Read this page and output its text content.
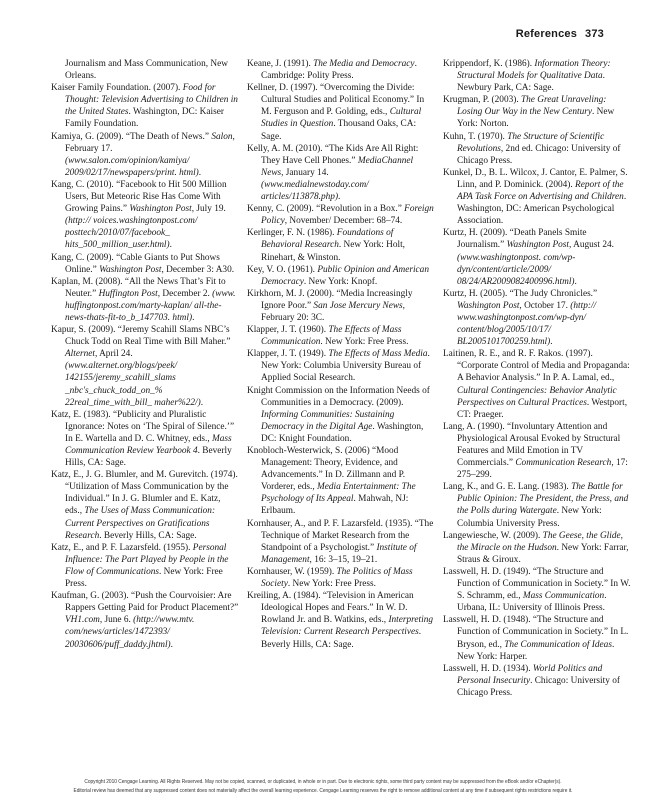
References 373
Journalism and Mass Communication, New Orleans.
Kaiser Family Foundation. (2007). Food for Thought: Television Advertising to Children in the United States. Washington, DC: Kaiser Family Foundation.
Kamiya, G. (2009). “The Death of News.” Salon, February 17. (www.salon.com/opinion/kamiya/ 2009/02/17/newspapers/print. html).
Kang, C. (2010). “Facebook to Hit 500 Million Users, But Meteoric Rise Has Come With Growing Pains.” Washington Post, July 19. (http:// voices.washingtonpost.com/ posttech/2010/07/facebook_ hits_500_million_user.html).
Kang, C. (2009). “Cable Giants to Put Shows Online.” Washington Post, December 3: A30.
Kaplan, M. (2008). “All the News That’s Fit to Neuter.” Huffington Post, December 2. (www. huffingtonpost.com/marty-kaplan/ all-the-news-thats-fit-to_b_147703. html).
Kapur, S. (2009). “Jeremy Scahill Slams NBC’s Chuck Todd on Real Time with Bill Maher.” Alternet, April 24. (www.alternet.org/blogs/peek/ 142155/jeremy_scahill_slams _nbc's_chuck_todd_on_% 22real_time_with_bill_ maher%22/).
Katz, E. (1983). “Publicity and Pluralistic Ignorance: Notes on ‘The Spiral of Silence.’” In E. Wartella and D. C. Whitney, eds., Mass Communication Review Yearbook 4. Beverly Hills, CA: Sage.
Katz, E., J. G. Blumler, and M. Gurevitch. (1974). “Utilization of Mass Communication by the Individual.” In J. G. Blumler and E. Katz, eds., The Uses of Mass Communication: Current Perspectives on Gratifications Research. Beverly Hills, CA: Sage.
Katz, E., and P. F. Lazarsfeld. (1955). Personal Influence: The Part Played by People in the Flow of Communications. New York: Free Press.
Kaufman, G. (2003). “Push the Courvoisier: Are Rappers Getting Paid for Product Placement?” VH1.com, June 6. (http://www.mtv. com/news/articles/1472393/ 20030606/puff_daddy.jhtml).
Keane, J. (1991). The Media and Democracy. Cambridge: Polity Press.
Kellner, D. (1997). “Overcoming the Divide: Cultural Studies and Political Economy.” In M. Ferguson and P. Golding, eds., Cultural Studies in Question. Thousand Oaks, CA: Sage.
Kelly, A. M. (2010). “The Kids Are All Right: They Have Cell Phones.” MediaChannel News, January 14. (www.medialnewstoday.com/ articles/113878.php).
Kenny, C. (2009). “Revolution in a Box.” Foreign Policy, November/ December: 68–74.
Kerlinger, F. N. (1986). Foundations of Behavioral Research. New York: Holt, Rinehart, & Winston.
Key, V. O. (1961). Public Opinion and American Democracy. New York: Knopf.
Kirkhorn, M. J. (2000). “Media Increasingly Ignore Poor.” San Jose Mercury News, February 20: 3C.
Klapper, J. T. (1960). The Effects of Mass Communication. New York: Free Press.
Klapper, J. T. (1949). The Effects of Mass Media. New York: Columbia University Bureau of Applied Social Research.
Knight Commission on the Information Needs of Communities in a Democracy. (2009). Informing Communities: Sustaining Democracy in the Digital Age. Washington, DC: Knight Foundation.
Knobloch-Westerwick, S. (2006) “Mood Management: Theory, Evidence, and Advancements.” In D. Zillmann and P. Vorderer, eds., Media Entertainment: The Psychology of Its Appeal. Mahwah, NJ: Erlbaum.
Kornhauser, A., and P. F. Lazarsfeld. (1935). “The Technique of Market Research from the Standpoint of a Psychologist.” Institute of Management, 16: 3–15, 19–21.
Kornhauser, W. (1959). The Politics of Mass Society. New York: Free Press.
Kreiling, A. (1984). “Television in American Ideological Hopes and Fears.” In W. D. Rowland Jr. and B. Watkins, eds., Interpreting Television: Current Research Perspectives. Beverly Hills, CA: Sage.
Krippendorf, K. (1986). Information Theory: Structural Models for Qualitative Data. Newbury Park, CA: Sage.
Krugman, P. (2003). The Great Unraveling: Losing Our Way in the New Century. New York: Norton.
Kuhn, T. (1970). The Structure of Scientific Revolutions, 2nd ed. Chicago: University of Chicago Press.
Kunkel, D., B. L. Wilcox, J. Cantor, E. Palmer, S. Linn, and P. Dominick. (2004). Report of the APA Task Force on Advertising and Children. Washington, DC: American Psychological Association.
Kurtz, H. (2009). “Death Panels Smite Journalism.” Washington Post, August 24. (www.washingtonpost. com/wp-dyn/content/article/2009/ 08/24/AR2009082400996.html).
Kurtz, H. (2005). “The Judy Chronicles.” Washington Post, October 17. (http:// www.washingtonpost.com/wp-dyn/ content/blog/2005/10/17/ BL2005101700259.html).
Laitinen, R. E., and R. F. Rakos. (1997). “Corporate Control of Media and Propaganda: A Behavior Analysis.” In P. A. Lamal, ed., Cultural Contingencies: Behavior Analytic Perspectives on Cultural Practices. Westport, CT: Praeger.
Lang, A. (1990). “Involuntary Attention and Physiological Arousal Evoked by Structural Features and Mild Emotion in TV Commercials.” Communication Research, 17: 275–299.
Lang, K., and G. E. Lang. (1983). The Battle for Public Opinion: The President, the Press, and the Polls during Watergate. New York: Columbia University Press.
Langewiesche, W. (2009). The Geese, the Glide, the Miracle on the Hudson. New York: Farrar, Straus & Giroux.
Lasswell, H. D. (1949). “The Structure and Function of Communication in Society.” In W. S. Schramm, ed., Mass Communication. Urbana, IL: University of Illinois Press.
Lasswell, H. D. (1948). “The Structure and Function of Communication in Society.” In L. Bryson, ed., The Communication of Ideas. New York: Harper.
Lasswell, H. D. (1934). World Politics and Personal Insecurity. Chicago: University of Chicago Press.
Copyright 2010 Cengage Learning. All Rights Reserved. May not be copied, scanned, or duplicated, in whole or in part. Due to electronic rights, some third party content may be suppressed from the eBook and/or eChapter(s).
Editorial review has deemed that any suppressed content does not materially affect the overall learning experience. Cengage Learning reserves the right to remove additional content at any time if subsequent rights restrictions require it.
